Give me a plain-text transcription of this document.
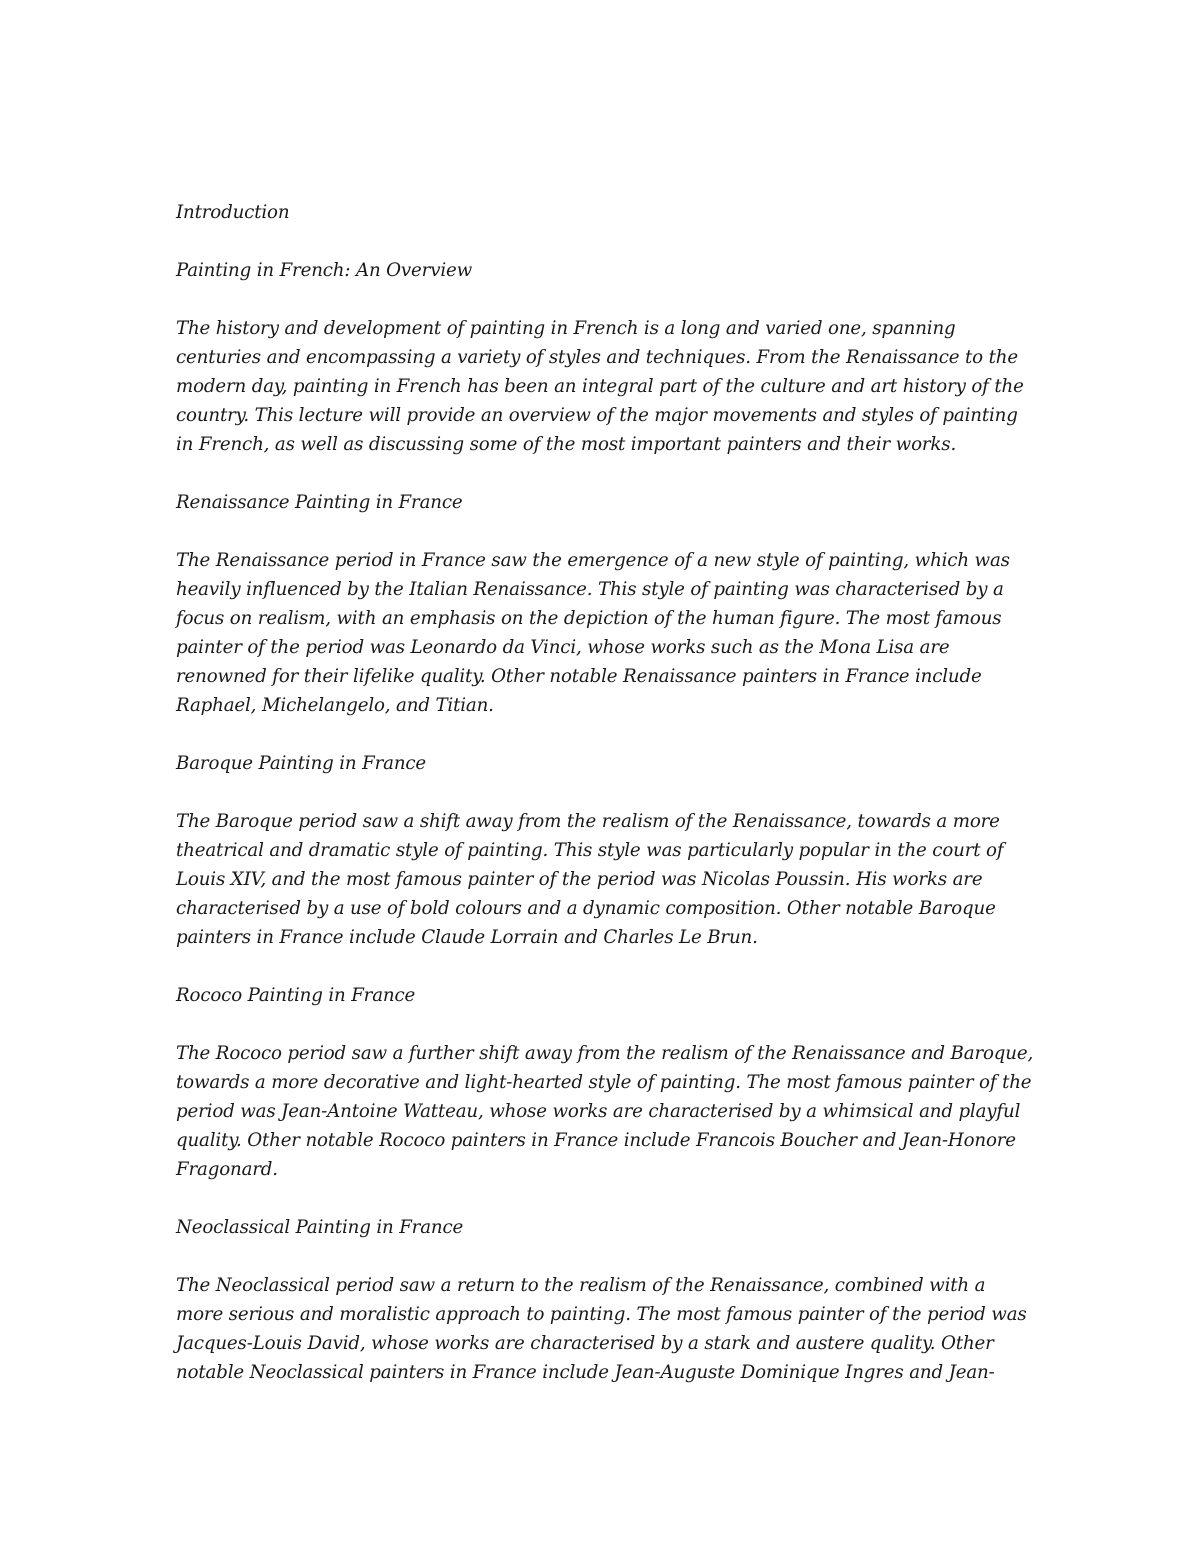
Introduction

Painting in French: An Overview

The history and development of painting in French is a long and varied one, spanning centuries and encompassing a variety of styles and techniques. From the Renaissance to the modern day, painting in French has been an integral part of the culture and art history of the country. This lecture will provide an overview of the major movements and styles of painting in French, as well as discussing some of the most important painters and their works.

Renaissance Painting in France

The Renaissance period in France saw the emergence of a new style of painting, which was heavily influenced by the Italian Renaissance. This style of painting was characterised by a focus on realism, with an emphasis on the depiction of the human figure. The most famous painter of the period was Leonardo da Vinci, whose works such as the Mona Lisa are renowned for their lifelike quality. Other notable Renaissance painters in France include Raphael, Michelangelo, and Titian.

Baroque Painting in France

The Baroque period saw a shift away from the realism of the Renaissance, towards a more theatrical and dramatic style of painting. This style was particularly popular in the court of Louis XIV, and the most famous painter of the period was Nicolas Poussin. His works are characterised by a use of bold colours and a dynamic composition. Other notable Baroque painters in France include Claude Lorrain and Charles Le Brun.

Rococo Painting in France

The Rococo period saw a further shift away from the realism of the Renaissance and Baroque, towards a more decorative and light-hearted style of painting. The most famous painter of the period was Jean-Antoine Watteau, whose works are characterised by a whimsical and playful quality. Other notable Rococo painters in France include Francois Boucher and Jean-Honore Fragonard.

Neoclassical Painting in France

The Neoclassical period saw a return to the realism of the Renaissance, combined with a more serious and moralistic approach to painting. The most famous painter of the period was Jacques-Louis David, whose works are characterised by a stark and austere quality. Other notable Neoclassical painters in France include Jean-Auguste Dominique Ingres and Jean-
